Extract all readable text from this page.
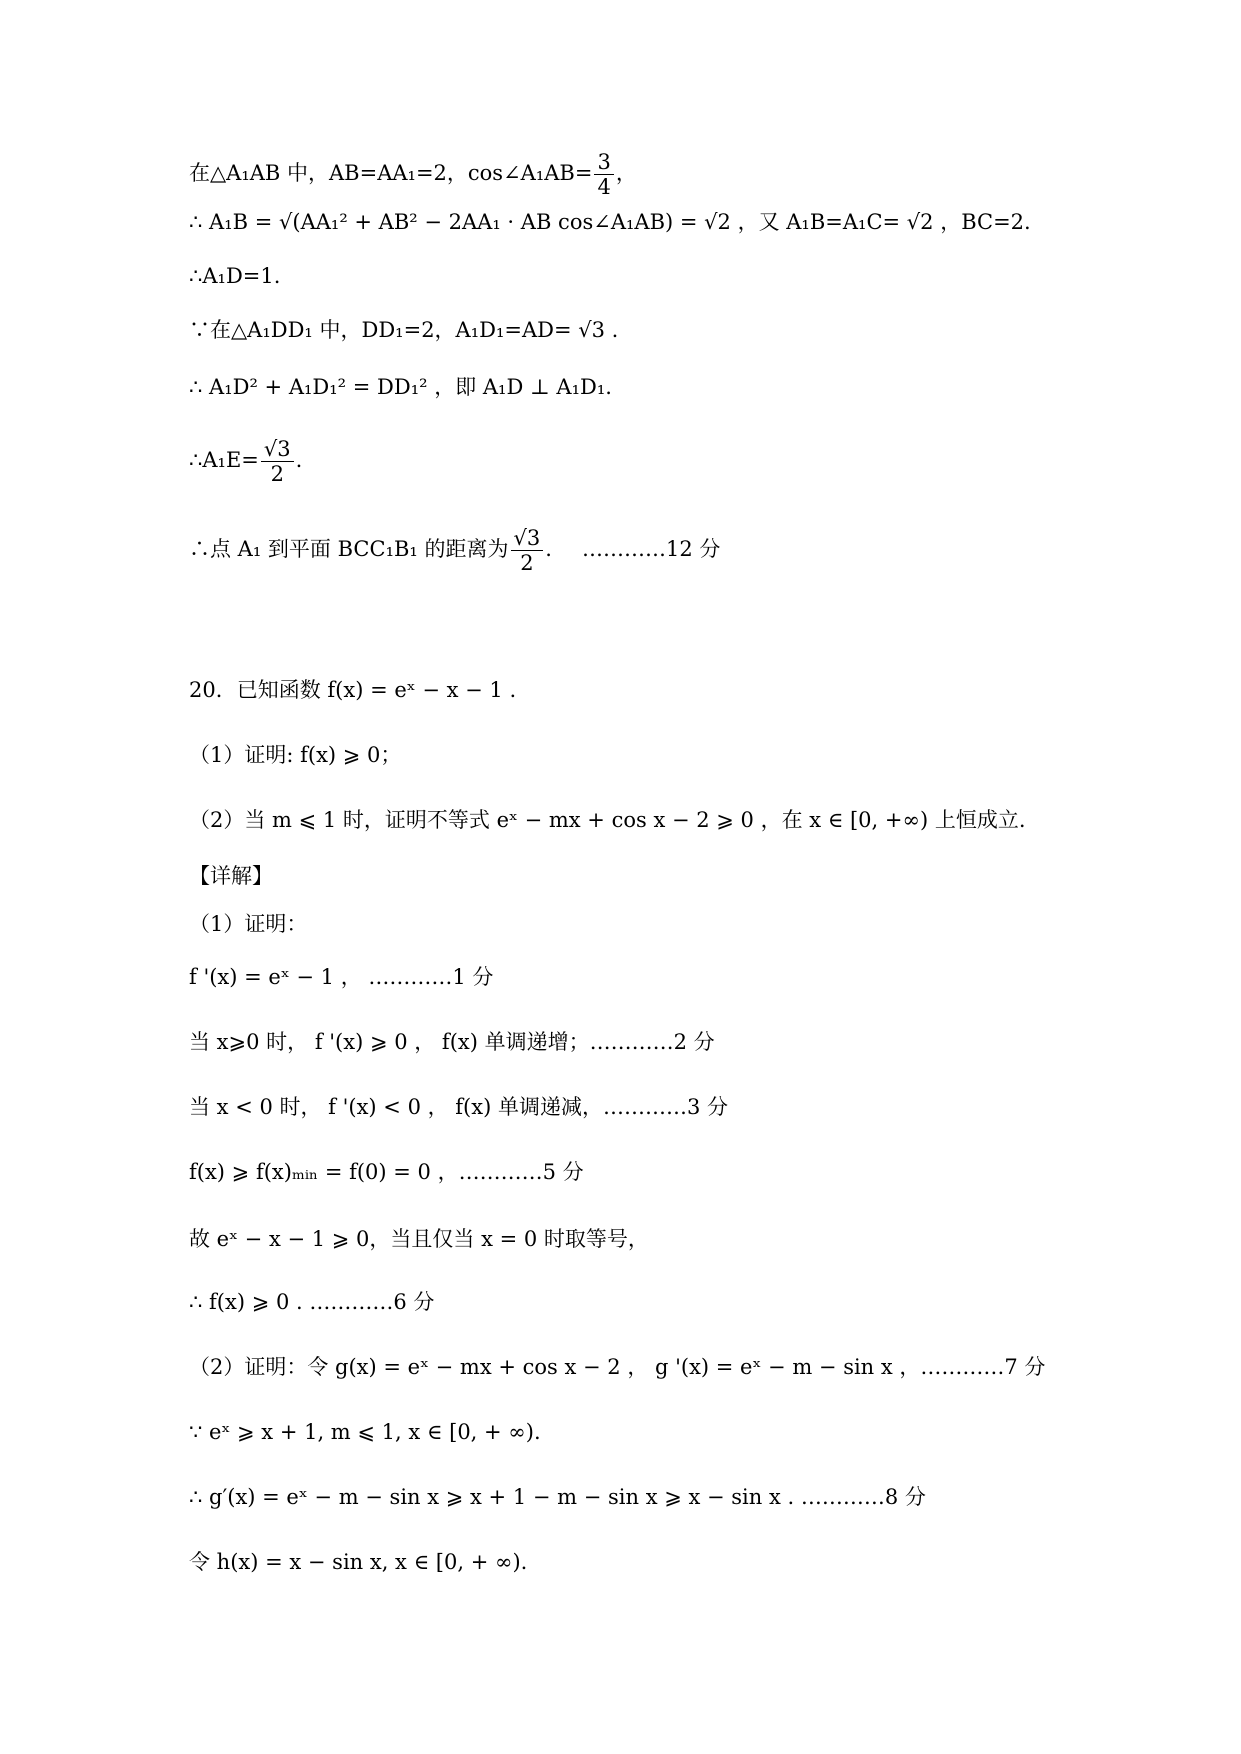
在△A₁AB 中，AB=AA₁=2，cos∠A₁AB= $\frac{3}{4}$ ，
∴ A₁B = √(AA₁² + AB² − 2AA₁ · AB cos∠A₁AB) = √2 ，又 A₁B=A₁C= √2 ，BC=2.
∴A₁D=1.
∵在△A₁DD₁ 中，DD₁=2，A₁D₁=AD= √3 .
∴ A₁D² + A₁D₁² = DD₁² ，即 A₁D ⊥ A₁D₁.
∴A₁E= $\frac{√3}{2}$ .
∴点 A₁ 到平面 BCC₁B₁ 的距离为 $\frac{√3}{2}$ . …………12 分
20．已知函数 f(x) = eˣ − x − 1 .
（1）证明: f(x) ⩾ 0；
（2）当 m ⩽ 1 时，证明不等式 eˣ − mx + cos x − 2 ⩾ 0 ，在 x ∈ [0, +∞) 上恒成立.
【详解】
（1）证明：
f '(x) = eˣ − 1 ， …………1 分
当 x⩾0 时， f '(x) ⩾ 0 ， f(x) 单调递增；…………2 分
当 x < 0 时， f '(x) < 0 ， f(x) 单调递减，…………3 分
f(x) ⩾ f(x)ₘᵢₙ = f(0) = 0 ，…………5 分
故 eˣ − x − 1 ⩾ 0，当且仅当 x = 0 时取等号，
∴ f(x) ⩾ 0 . …………6 分
（2）证明：令 g(x) = eˣ − mx + cos x − 2 ， g '(x) = eˣ − m − sin x ，…………7 分
∵ eˣ ⩾ x + 1, m ⩽ 1, x ∈ [0, + ∞).
∴ g′(x) = eˣ − m − sin x ⩾ x + 1 − m − sin x ⩾ x − sin x . …………8 分
令 h(x) = x − sin x, x ∈ [0, + ∞).
